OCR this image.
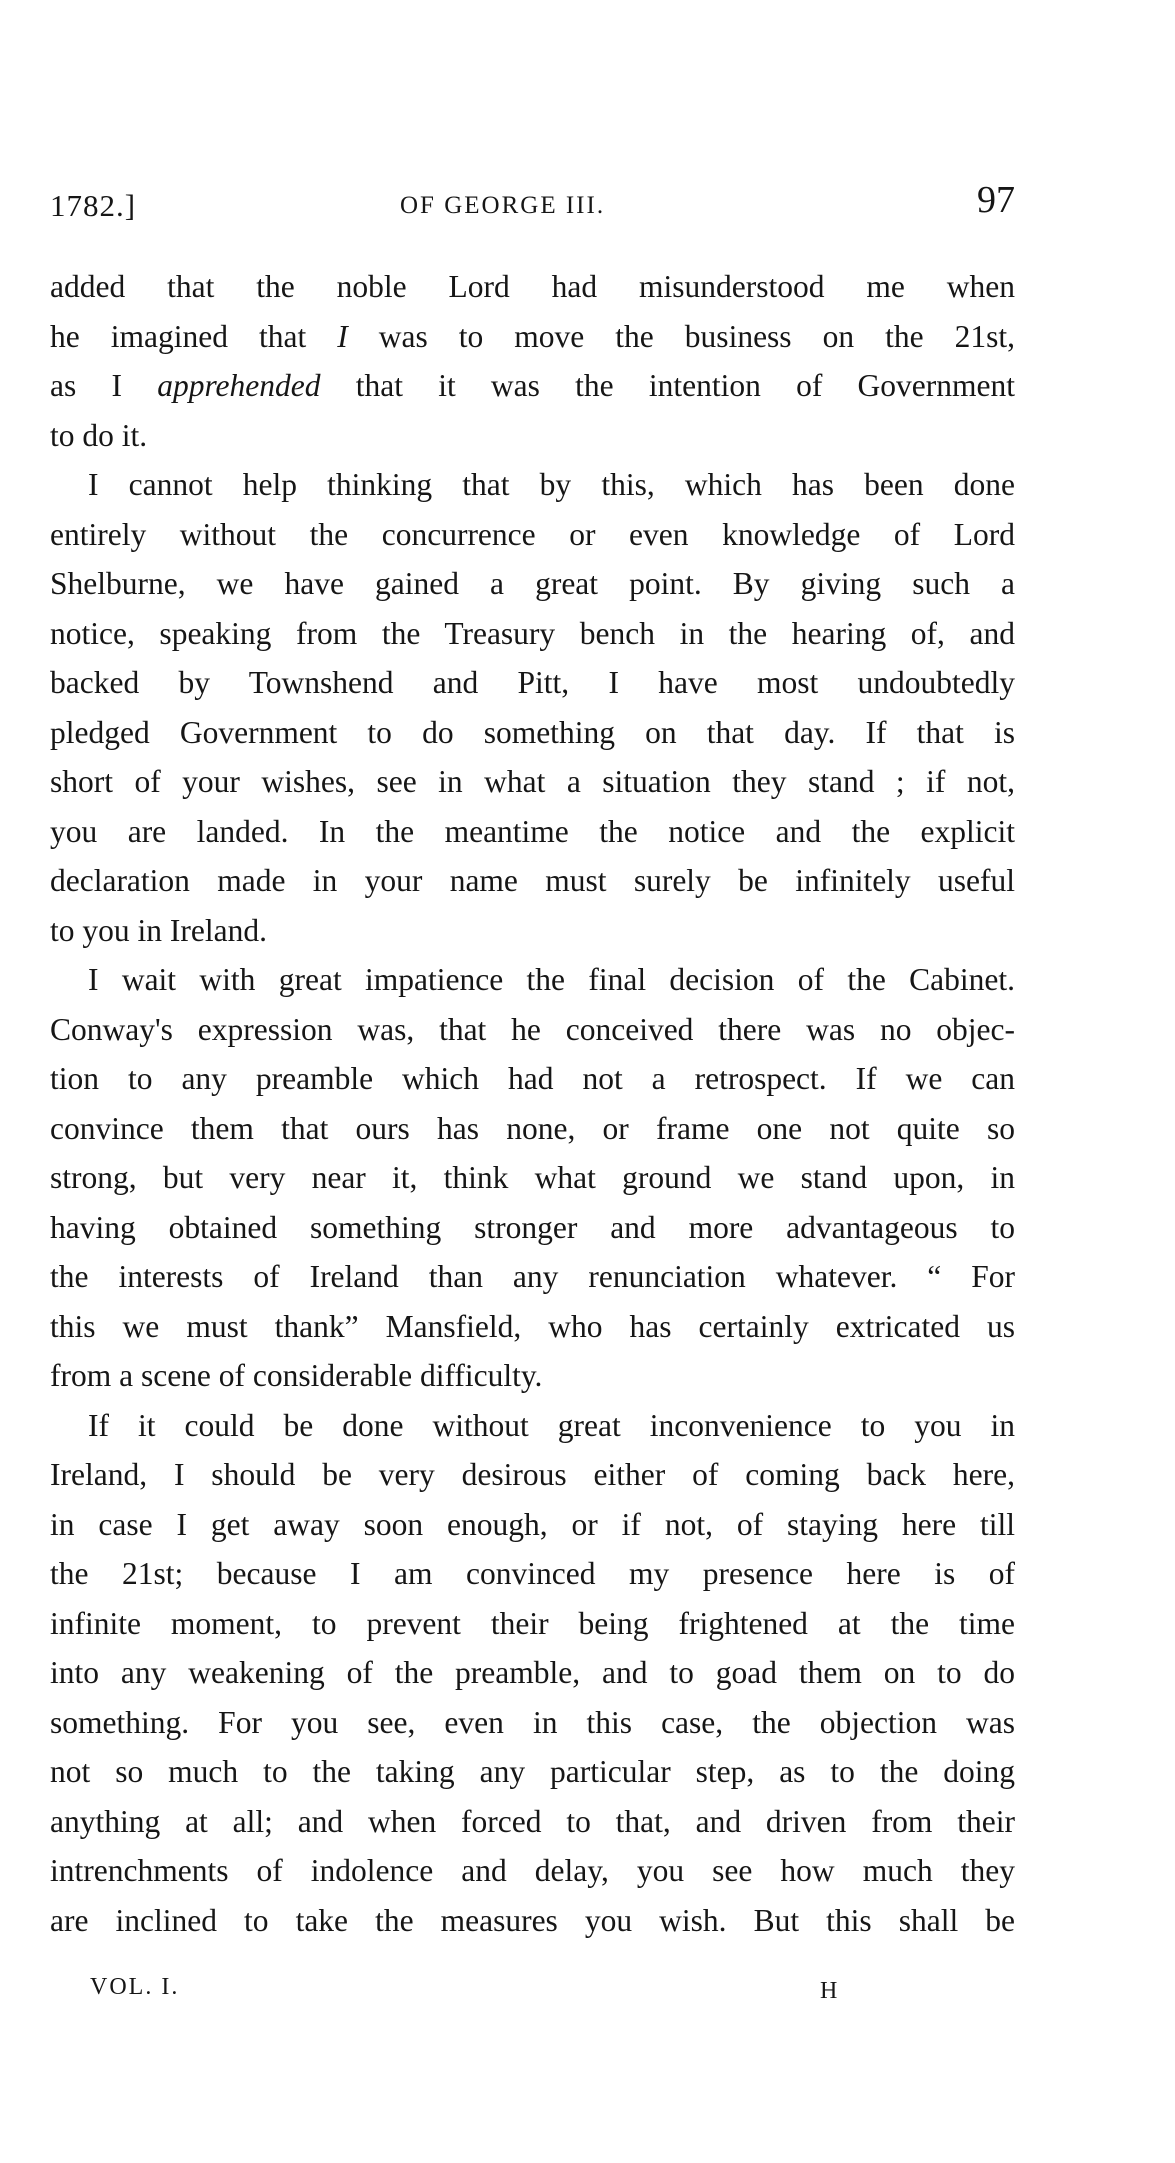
1782.]	OF GEORGE III.	97
added that the noble Lord had misunderstood me when
he imagined that I was to move the business on the 21st,
as I apprehended that it was the intention of Government
to do it.
I cannot help thinking that by this, which has been done
entirely without the concurrence or even knowledge of Lord
Shelburne, we have gained a great point. By giving such a
notice, speaking from the Treasury bench in the hearing of, and
backed by Townshend and Pitt, I have most undoubtedly
pledged Government to do something on that day. If that is
short of your wishes, see in what a situation they stand ; if not,
you are landed. In the meantime the notice and the explicit
declaration made in your name must surely be infinitely useful
to you in Ireland.
I wait with great impatience the final decision of the Cabinet.
Conway's expression was, that he conceived there was no objec-
tion to any preamble which had not a retrospect. If we can
convince them that ours has none, or frame one not quite so
strong, but very near it, think what ground we stand upon, in
having obtained something stronger and more advantageous to
the interests of Ireland than any renunciation whatever. “ For
this we must thank” Mansfield, who has certainly extricated us
from a scene of considerable difficulty.
If it could be done without great inconvenience to you in
Ireland, I should be very desirous either of coming back here,
in case I get away soon enough, or if not, of staying here till
the 21st; because I am convinced my presence here is of
infinite moment, to prevent their being frightened at the time
into any weakening of the preamble, and to goad them on to do
something. For you see, even in this case, the objection was
not so much to the taking any particular step, as to the doing
anything at all; and when forced to that, and driven from their
intrenchments of indolence and delay, you see how much they
are inclined to take the measures you wish. But this shall be
VOL. I.	H
